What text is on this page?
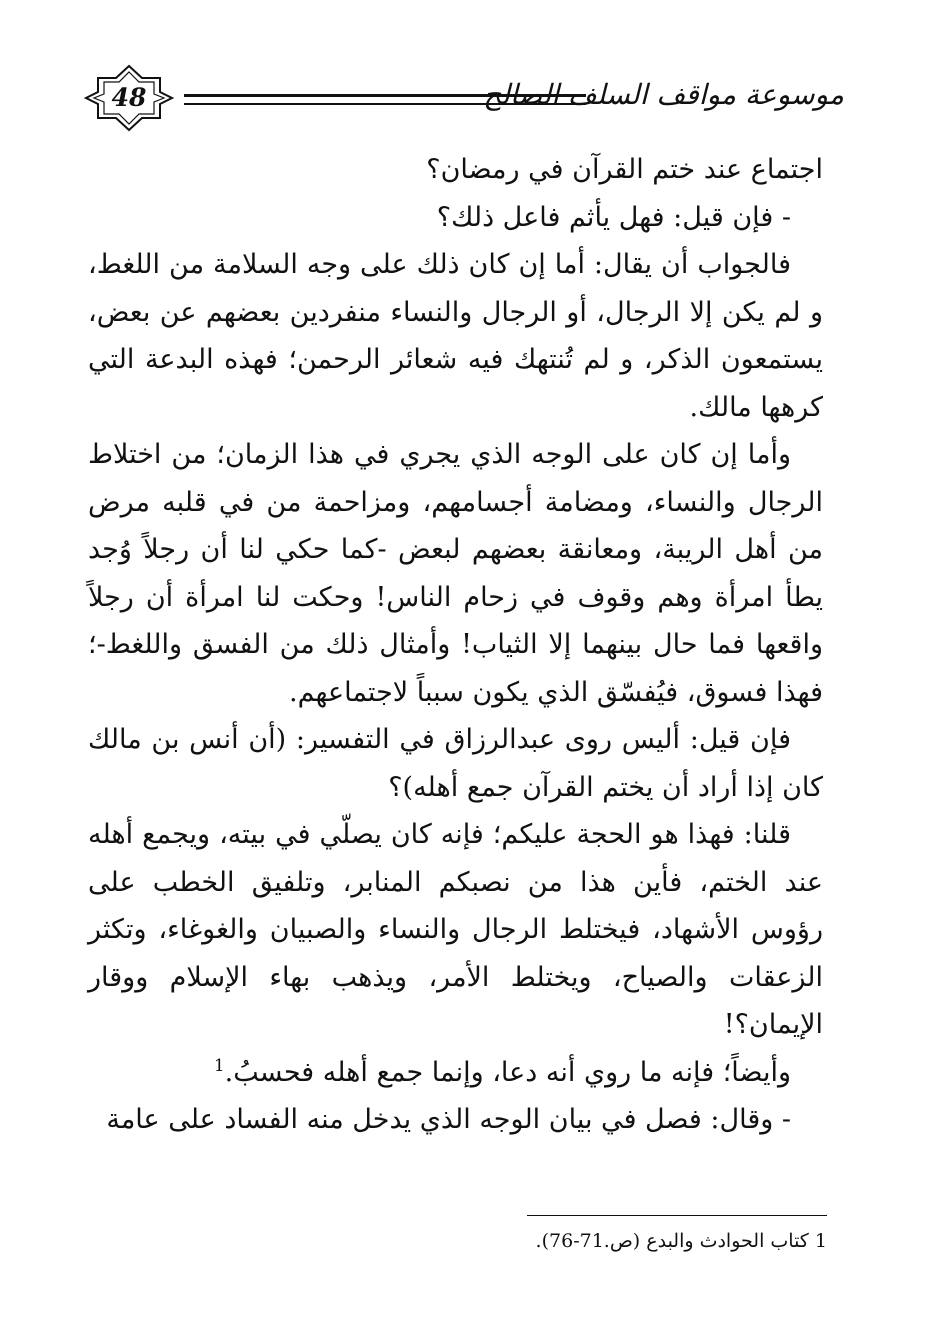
موسوعة مواقف السلف الصالح
48

اجتماع عند ختم القرآن في رمضان؟

- فإن قيل: فهل يأثم فاعل ذلك؟

فالجواب أن يقال: أما إن كان ذلك على وجه السلامة من اللغط، و لم يكن إلا الرجال، أو الرجال والنساء منفردين بعضهم عن بعض، يستمعون الذكر، و لم تُنتهك فيه شعائر الرحمن؛ فهذه البدعة التي كرهها مالك.

وأما إن كان على الوجه الذي يجري في هذا الزمان؛ من اختلاط الرجال والنساء، ومضامة أجسامهم، ومزاحمة من في قلبه مرض من أهل الريبة، ومعانقة بعضهم لبعض -كما حكي لنا أن رجلاً وُجد يطأ امرأة وهم وقوف في زحام الناس! وحكت لنا امرأة أن رجلاً واقعها فما حال بينهما إلا الثياب! وأمثال ذلك من الفسق واللغط-؛ فهذا فسوق، فيُفسّق الذي يكون سبباً لاجتماعهم.

فإن قيل: أليس روى عبدالرزاق في التفسير: (أن أنس بن مالك كان إذا أراد أن يختم القرآن جمع أهله)؟

قلنا: فهذا هو الحجة عليكم؛ فإنه كان يصلّي في بيته، ويجمع أهله عند الختم، فأين هذا من نصبكم المنابر، وتلفيق الخطب على رؤوس الأشهاد، فيختلط الرجال والنساء والصبيان والغوغاء، وتكثر الزعقات والصياح، ويختلط الأمر، ويذهب بهاء الإسلام ووقار الإيمان؟!

وأيضاً؛ فإنه ما روي أنه دعا، وإنما جمع أهله فحسبُ.$^1$

- وقال: فصل في بيان الوجه الذي يدخل منه الفساد على عامة

1 كتاب الحوادث والبدع (ص.71-76).
